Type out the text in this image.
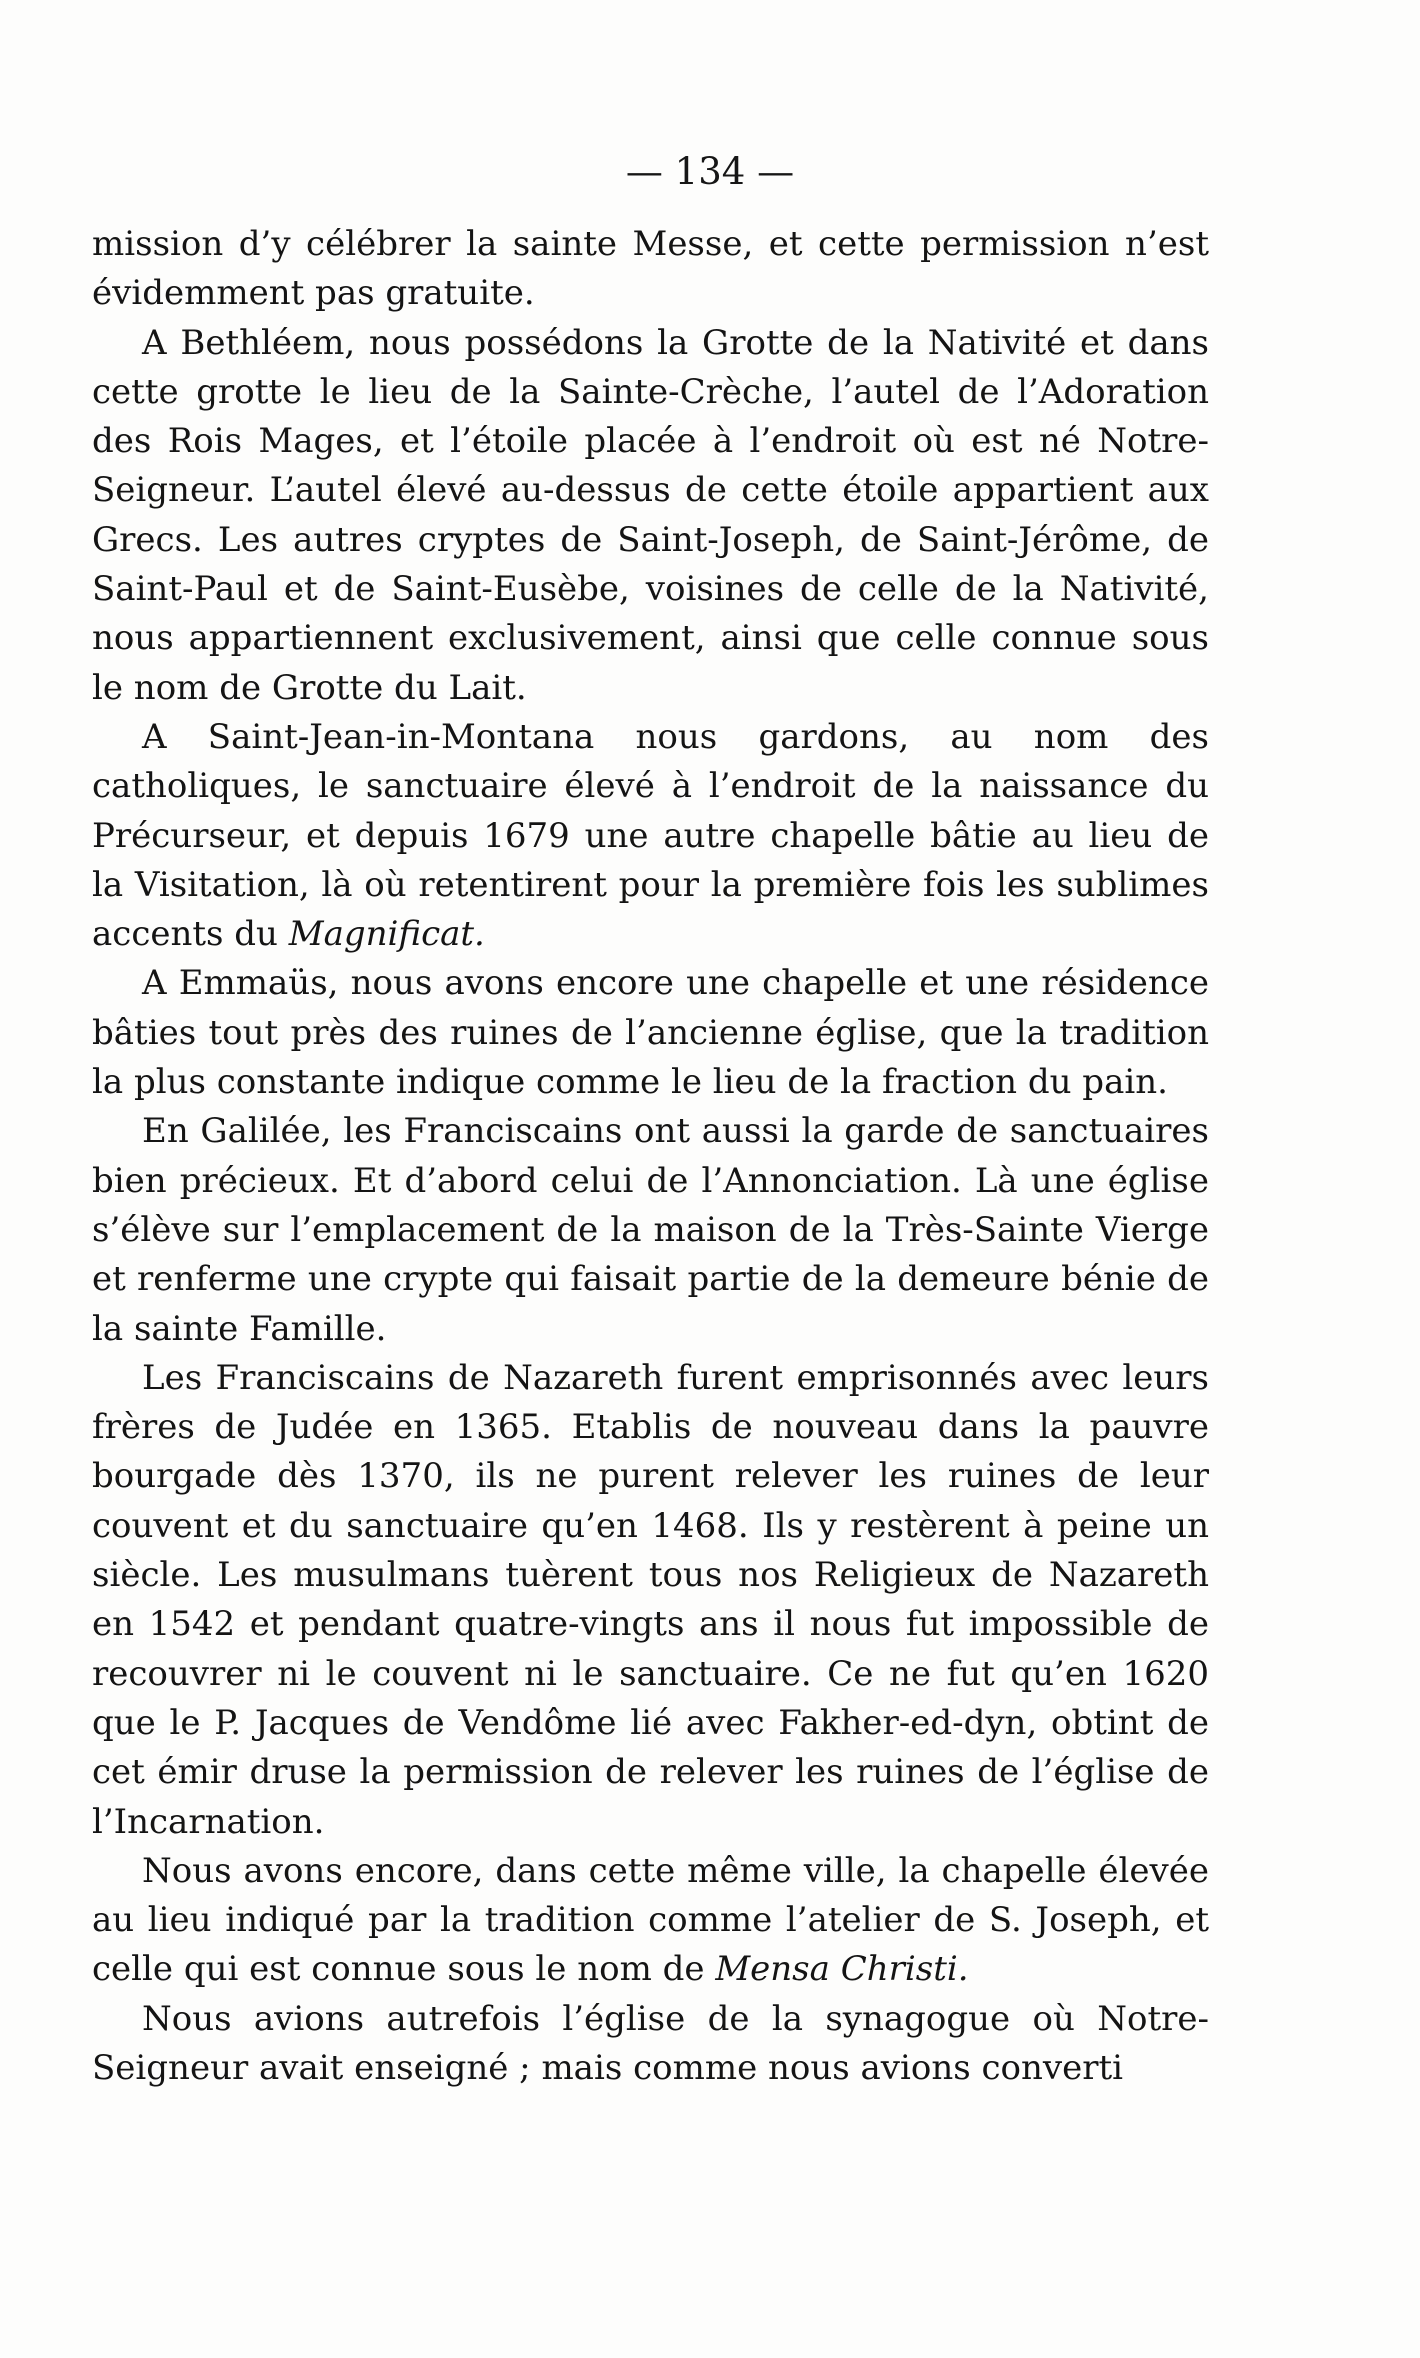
— 134 —

mission d’y célébrer la sainte Messe, et cette permission n’est évidemment pas gratuite.

A Bethléem, nous possédons la Grotte de la Nativité et dans cette grotte le lieu de la Sainte-Crèche, l’autel de l’Adoration des Rois Mages, et l’étoile placée à l’endroit où est né Notre-Seigneur. L’autel élevé au-dessus de cette étoile appartient aux Grecs. Les autres cryptes de Saint-Joseph, de Saint-Jérôme, de Saint-Paul et de Saint-Eusèbe, voisines de celle de la Nativité, nous appartiennent exclusivement, ainsi que celle connue sous le nom de Grotte du Lait.

A Saint-Jean-in-Montana nous gardons, au nom des catholiques, le sanctuaire élevé à l’endroit de la naissance du Précurseur, et depuis 1679 une autre chapelle bâtie au lieu de la Visitation, là où retentirent pour la première fois les sublimes accents du Magnificat.

A Emmaüs, nous avons encore une chapelle et une résidence bâties tout près des ruines de l’ancienne église, que la tradition la plus constante indique comme le lieu de la fraction du pain.

En Galilée, les Franciscains ont aussi la garde de sanctuaires bien précieux. Et d’abord celui de l’Annonciation. Là une église s’élève sur l’emplacement de la maison de la Très-Sainte Vierge et renferme une crypte qui faisait partie de la demeure bénie de la sainte Famille.

Les Franciscains de Nazareth furent emprisonnés avec leurs frères de Judée en 1365. Etablis de nouveau dans la pauvre bourgade dès 1370, ils ne purent relever les ruines de leur couvent et du sanctuaire qu’en 1468. Ils y restèrent à peine un siècle. Les musulmans tuèrent tous nos Religieux de Nazareth en 1542 et pendant quatre-vingts ans il nous fut impossible de recouvrer ni le couvent ni le sanctuaire. Ce ne fut qu’en 1620 que le P. Jacques de Vendôme lié avec Fakher-ed-dyn, obtint de cet émir druse la permission de relever les ruines de l’église de l’Incarnation.

Nous avons encore, dans cette même ville, la chapelle élevée au lieu indiqué par la tradition comme l’atelier de S. Joseph, et celle qui est connue sous le nom de Mensa Christi.

Nous avions autrefois l’église de la synagogue où Notre-Seigneur avait enseigné ; mais comme nous avions converti
